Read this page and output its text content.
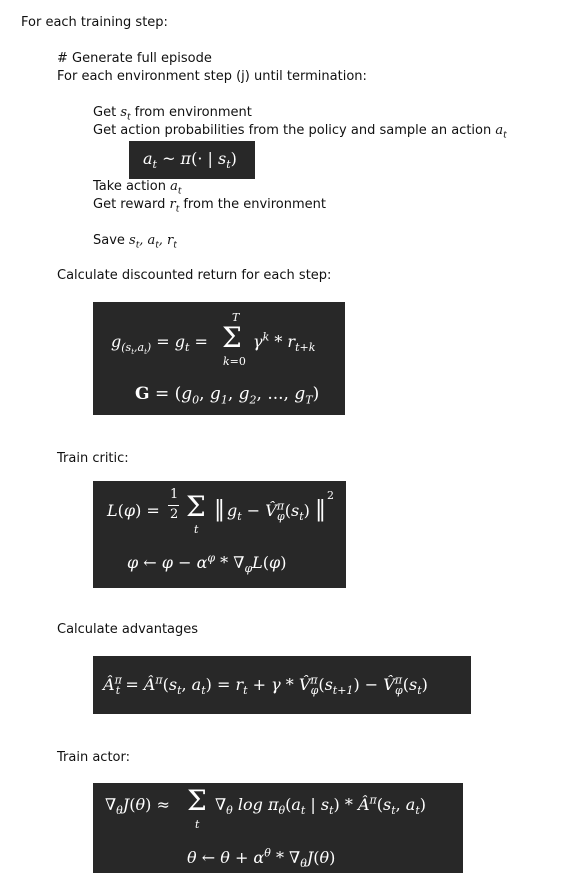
For each training step:
# Generate full episode
For each environment step (j) until termination:
Get $s_t$ from environment
Get action probabilities from the policy and sample an action $a_t$
$a_t$ ~ π(· | $s_t$)
Take action $a_t$
Get reward $r_t$ from the environment
Save $s_t$, $a_t$, $r_t$
Calculate discounted return for each step:
$g_{(s_t,a_t)} = g_t$ =
T
Σ
k=0
$\gamma^k * r_{t+k}$
$G = (g_0$, $g_1$, $g_2$, ..., $g_T$)
Train critic:
L(φ) =
1
2 Σ
t
‖ $g_t$ − $V̂^\pi_\varphi(s_t)$ ‖
2
φ ← $\varphi - \alpha^\varphi * \nabla_\varphi L(\varphi)$
Calculate advantages
$Â^\pi_t$ = $Â^\pi(s_t$, $a_t) = r_t + \gamma$ * $V̂^\pi_\varphi(s_{t+1})$ − $V̂^\pi_\varphi(s_t)$
Train actor:
$\nabla_\theta J(\theta) \approx \Sigma$
t
$\nabla_\theta$ $\log \pi_\theta(a_t$ | $s_t$) * $Â^\pi(s_t$, $a_t$)
θ ← $\theta + \alpha^\theta * \nabla_\theta J(\theta)$
